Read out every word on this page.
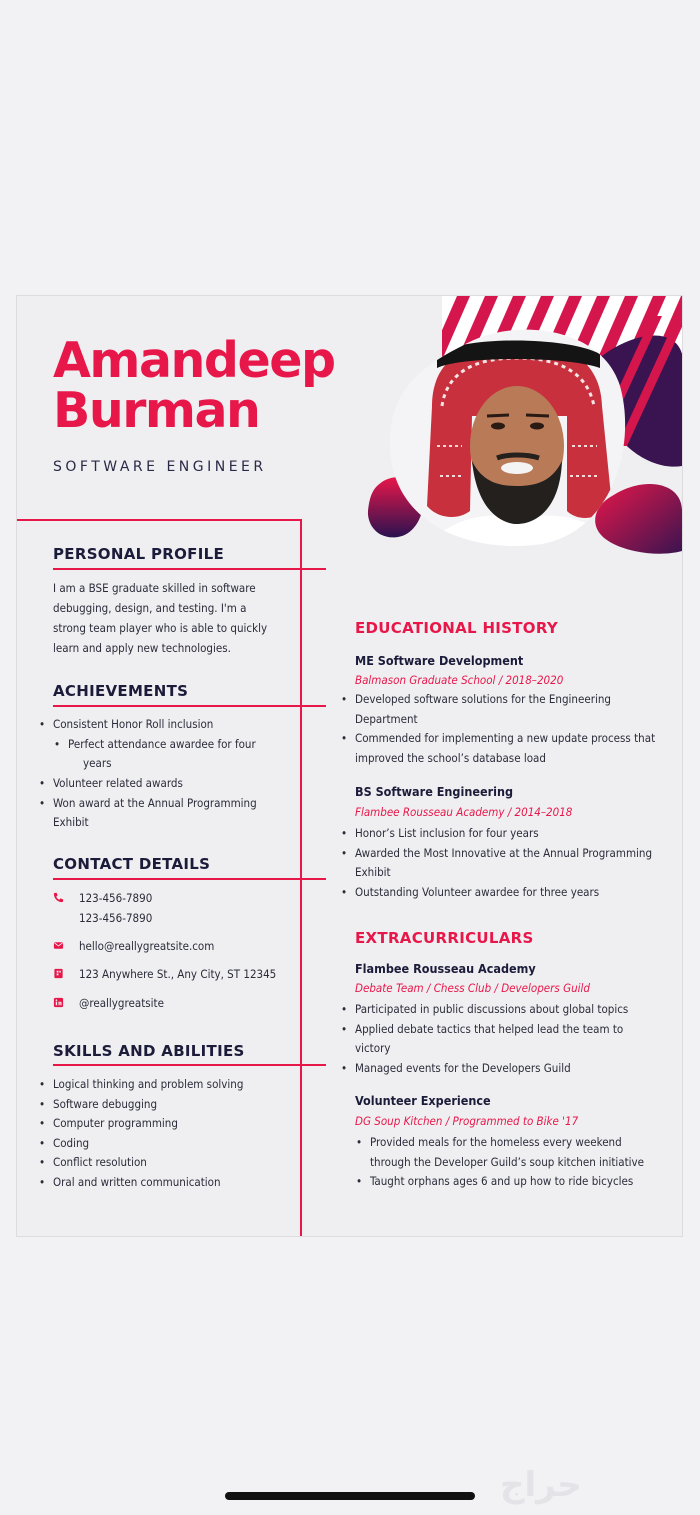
Amandeep
Burman
SOFTWARE ENGINEER
PERSONAL PROFILE
I am a BSE graduate skilled in software
debugging, design, and testing. I'm a
strong team player who is able to quickly
learn and apply new technologies.
ACHIEVEMENTS
• Consistent Honor Roll inclusion
• Perfect attendance awardee for four
years
• Volunteer related awards
• Won award at the Annual Programming
Exhibit
CONTACT DETAILS
123-456-7890
123-456-7890
hello@reallygreatsite.com
123 Anywhere St., Any City, ST 12345
@reallygreatsite
SKILLS AND ABILITIES
• Logical thinking and problem solving
• Software debugging
• Computer programming
• Coding
• Conflict resolution
• Oral and written communication
EDUCATIONAL HISTORY
ME Software Development
Balmason Graduate School / 2018–2020
• Developed software solutions for the Engineering
Department
• Commended for implementing a new update process that
improved the school’s database load
BS Software Engineering
Flambee Rousseau Academy / 2014–2018
• Honor’s List inclusion for four years
• Awarded the Most Innovative at the Annual Programming
Exhibit
• Outstanding Volunteer awardee for three years
EXTRACURRICULARS
Flambee Rousseau Academy
Debate Team / Chess Club / Developers Guild
• Participated in public discussions about global topics
• Applied debate tactics that helped lead the team to
victory
• Managed events for the Developers Guild
Volunteer Experience
DG Soup Kitchen / Programmed to Bike '17
• Provided meals for the homeless every weekend
through the Developer Guild’s soup kitchen initiative
• Taught orphans ages 6 and up how to ride bicycles
حراج
